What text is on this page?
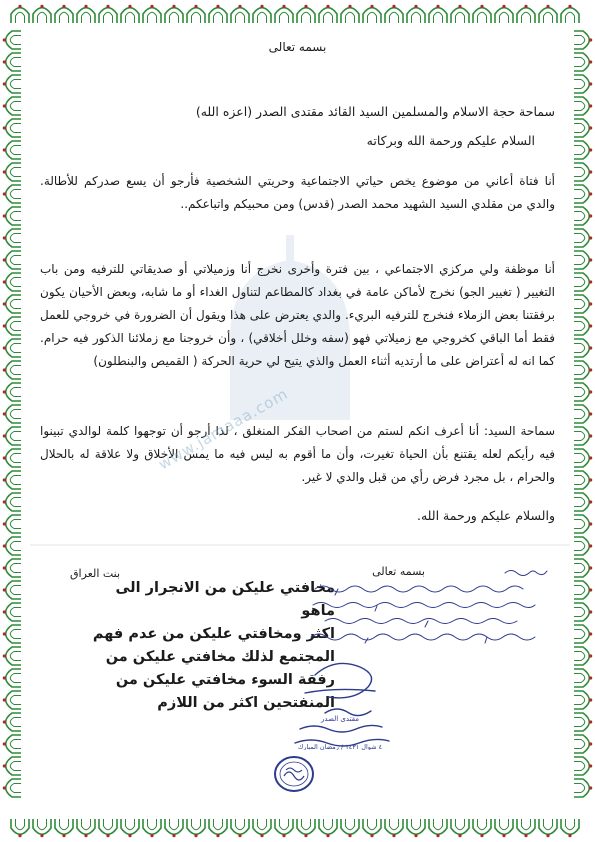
بسمه تعالى
سماحة حجة الاسلام والمسلمين السيد القائد مقتدى الصدر (اعزه الله)
السلام عليكم ورحمة الله وبركاته
أنا فتاة أعاني من موضوع يخص حياتي الاجتماعية وحريتي الشخصية فأرجو أن يسع صدركم للأطالة. والدي من مقلدي السيد الشهيد محمد الصدر (قدس) ومن محبيكم واتباعكم..
أنا موظفة ولي مركزي الاجتماعي ، بين فترة وأخرى نخرج أنا وزميلاتي أو صديقاتي للترفيه ومن باب التغيير ( تغيير الجو) نخرج لأماكن عامة في بغداد كالمطاعم لتناول الغداء أو ما شابه، وبعض الأحيان يكون برفقتنا بعض الزملاء فنخرج للترفيه البريء. والدي يعترض على هذا ويقول أن الضرورة في خروجي للعمل فقط أما الباقي كخروجي مع زميلاتي فهو (سفه وخلل أخلاقي) ، وأن خروجنا مع زملائنا الذكور فيه حرام. كما انه له أعتراض على ما أرتديه أثناء العمل والذي يتيح لي حرية الحركة ( القميص والبنطلون)
سماحة السيد: أنا أعرف انكم لستم من اصحاب الفكر المنغلق ، لذا أرجو أن توجهوا كلمة لوالدي تبينوا فيه رأيكم لعله يقتنع بأن الحياة تغيرت، وأن ما أقوم به ليس فيه ما يمس الأخلاق ولا علاقة له بالحلال والحرام ، بل مجرد فرض رأي من قبل والدي لا غير.
والسلام عليكم ورحمة الله.
www.jamaaa.com
بسمه تعالى
بنت العراق
مخافتي عليكن من الانجرار الى ماهو
اكثر ومخافتي عليكن من عدم فهم
المجتمع لذلك مخافتي عليكن من
رفقة السوء مخافتي عليكن من
المنفتحين اكثر من اللازم
مقتدى الصدر
٤ شوال ١٤٣١ / رمضان المبارك
